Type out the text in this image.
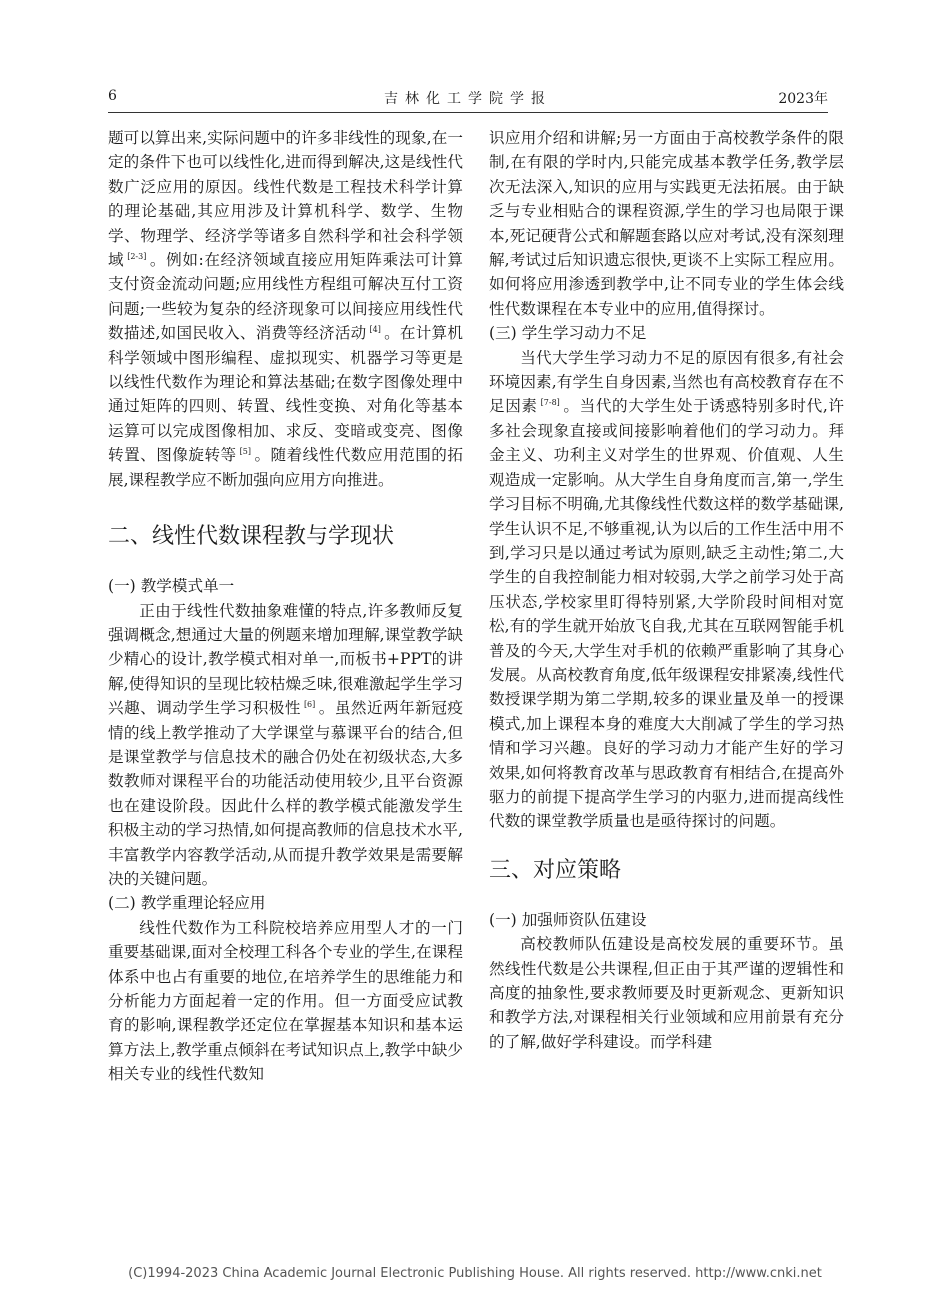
6	吉林化工学院学报	2023年

题可以算出来,实际问题中的许多非线性的现象,在一定的条件下也可以线性化,进而得到解决,这是线性代数广泛应用的原因。线性代数是工程技术科学计算的理论基础,其应用涉及计算机科学、数学、生物学、物理学、经济学等诸多自然科学和社会科学领域 [2-3] 。例如:在经济领域直接应用矩阵乘法可计算支付资金流动问题;应用线性方程组可解决互付工资问题;一些较为复杂的经济现象可以间接应用线性代数描述,如国民收入、消费等经济活动 [4] 。在计算机科学领域中图形编程、虚拟现实、机器学习等更是以线性代数作为理论和算法基础;在数字图像处理中通过矩阵的四则、转置、线性变换、对角化等基本运算可以完成图像相加、求反、变暗或变亮、图像转置、图像旋转等 [5] 。随着线性代数应用范围的拓展,课程教学应不断加强向应用方向推进。

二、线性代数课程教与学现状

(一) 教学模式单一

正由于线性代数抽象难懂的特点,许多教师反复强调概念,想通过大量的例题来增加理解,课堂教学缺少精心的设计,教学模式相对单一,而板书+PPT的讲解,使得知识的呈现比较枯燥乏味,很难激起学生学习兴趣、调动学生学习积极性 [6] 。虽然近两年新冠疫情的线上教学推动了大学课堂与慕课平台的结合,但是课堂教学与信息技术的融合仍处在初级状态,大多数教师对课程平台的功能活动使用较少,且平台资源也在建设阶段。因此什么样的教学模式能激发学生积极主动的学习热情,如何提高教师的信息技术水平,丰富教学内容教学活动,从而提升教学效果是需要解决的关键问题。

(二) 教学重理论轻应用

线性代数作为工科院校培养应用型人才的一门重要基础课,面对全校理工科各个专业的学生,在课程体系中也占有重要的地位,在培养学生的思维能力和分析能力方面起着一定的作用。但一方面受应试教育的影响,课程教学还定位在掌握基本知识和基本运算方法上,教学重点倾斜在考试知识点上,教学中缺少相关专业的线性代数知

识应用介绍和讲解;另一方面由于高校教学条件的限制,在有限的学时内,只能完成基本教学任务,教学层次无法深入,知识的应用与实践更无法拓展。由于缺乏与专业相贴合的课程资源,学生的学习也局限于课本,死记硬背公式和解题套路以应对考试,没有深刻理解,考试过后知识遗忘很快,更谈不上实际工程应用。如何将应用渗透到教学中,让不同专业的学生体会线性代数课程在本专业中的应用,值得探讨。

(三) 学生学习动力不足

当代大学生学习动力不足的原因有很多,有社会环境因素,有学生自身因素,当然也有高校教育存在不足因素 [7-8] 。当代的大学生处于诱惑特别多时代,许多社会现象直接或间接影响着他们的学习动力。拜金主义、功利主义对学生的世界观、价值观、人生观造成一定影响。从大学生自身角度而言,第一,学生学习目标不明确,尤其像线性代数这样的数学基础课,学生认识不足,不够重视,认为以后的工作生活中用不到,学习只是以通过考试为原则,缺乏主动性;第二,大学生的自我控制能力相对较弱,大学之前学习处于高压状态,学校家里盯得特别紧,大学阶段时间相对宽松,有的学生就开始放飞自我,尤其在互联网智能手机普及的今天,大学生对手机的依赖严重影响了其身心发展。从高校教育角度,低年级课程安排紧凑,线性代数授课学期为第二学期,较多的课业量及单一的授课模式,加上课程本身的难度大大削减了学生的学习热情和学习兴趣。良好的学习动力才能产生好的学习效果,如何将教育改革与思政教育有相结合,在提高外驱力的前提下提高学生学习的内驱力,进而提高线性代数的课堂教学质量也是亟待探讨的问题。

三、对应策略

(一) 加强师资队伍建设

高校教师队伍建设是高校发展的重要环节。虽然线性代数是公共课程,但正由于其严谨的逻辑性和高度的抽象性,要求教师要及时更新观念、更新知识和教学方法,对课程相关行业领域和应用前景有充分的了解,做好学科建设。而学科建

(C)1994-2023 China Academic Journal Electronic Publishing House. All rights reserved. http://www.cnki.net
